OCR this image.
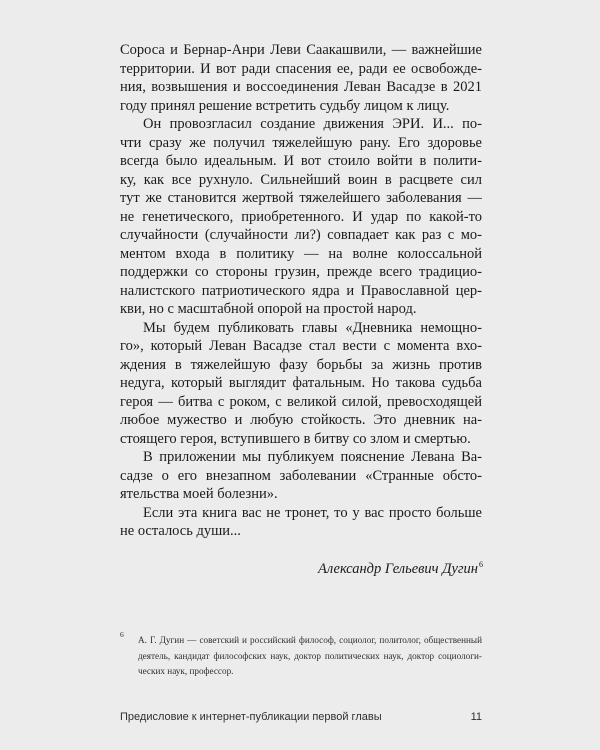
Сороса и Бернар-Анри Леви Саакашвили, — важнейшие
территории. И вот ради спасения ее, ради ее освобожде-
ния, возвышения и воссоединения Леван Васадзе в 2021
году принял решение встретить судьбу лицом к лицу.
Он провозгласил создание движения ЭРИ. И... по-
чти сразу же получил тяжелейшую рану. Его здоровье
всегда было идеальным. И вот стоило войти в полити-
ку, как все рухнуло. Сильнейший воин в расцвете сил
тут же становится жертвой тяжелейшего заболевания —
не генетического, приобретенного. И удар по какой-то
случайности (случайности ли?) совпадает как раз с мо-
ментом входа в политику — на волне колоссальной
поддержки со стороны грузин, прежде всего традицио-
налистского патриотического ядра и Православной цер-
кви, но с масштабной опорой на простой народ.
Мы будем публиковать главы «Дневника немощно-
го», который Леван Васадзе стал вести с момента вхо-
ждения в тяжелейшую фазу борьбы за жизнь против
недуга, который выглядит фатальным. Но такова судьба
героя — битва с роком, с великой силой, превосходящей
любое мужество и любую стойкость. Это дневник на-
стоящего героя, вступившего в битву со злом и смертью.
В приложении мы публикуем пояснение Левана Ва-
садзе о его внезапном заболевании «Странные обсто-
ятельства моей болезни».
Если эта книга вас не тронет, то у вас просто больше
не осталось души...
Александр Гельевич Дугин$^6$
6
А. Г. Дугин — советский и российский философ, социолог, политолог, общественный
деятель, кандидат философских наук, доктор политических наук, доктор социологи-
ческих наук, профессор.
Предисловие к интернет-публикации первой главы	11
